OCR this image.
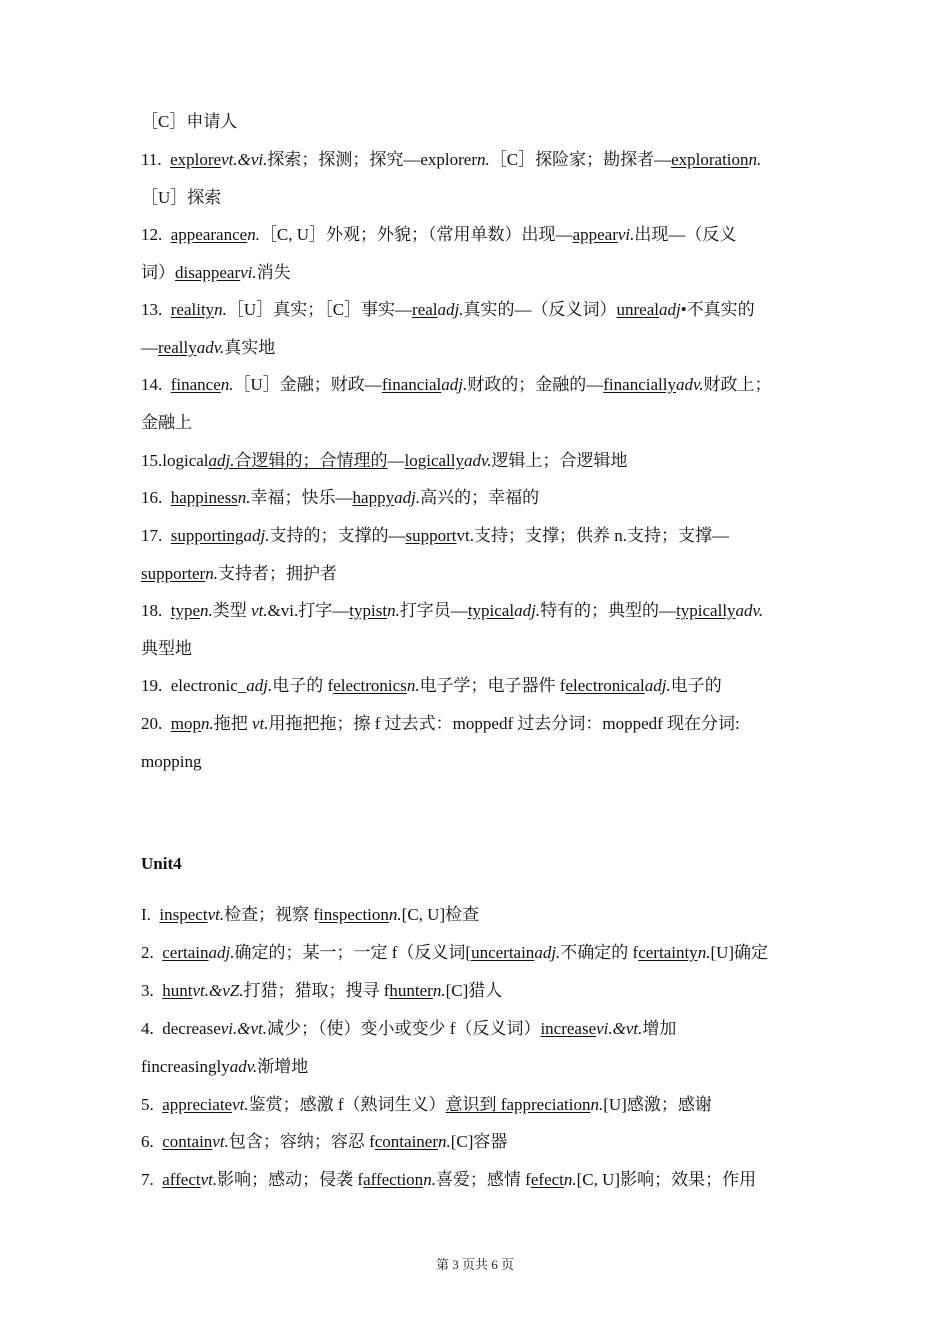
［C］申请人
11.  explorevt.&vi.探索；探测；探究—explorern.［C］探险家；勘探者—explorationn.
［U］探索
12.  appearancen.［C, U］外观；外貌；（常用单数）出现—appearvi.出现—（反义
词）disappearvi.消失
13.  realityn.［U］真实；［C］事实—realadj.真实的—（反义词）unrealadj•不真实的
—reallyadv.真实地
14.  financen.［U］金融；财政—financialadj.财政的；金融的—financiallyadv.财政上；
金融上
15.logicaladj.合逻辑的；合情理的—logicallyadv.逻辑上；合逻辑地
16.  happinessn.幸福；快乐—happyadj.高兴的；幸福的
17.  supportingadj.支持的；支撑的—supportvt.支持；支撑；供养 n.支持；支撑—
supportern.支持者；拥护者
18.  typen.类型 vt.&vi.打字—typistn.打字员—typicaladj.特有的；典型的—typicallyadv.
典型地
19.  electronic_adj.电子的 felectronicsn.电子学；电子器件 felectronicaladj.电子的
20.  mopn.拖把 vt.用拖把拖；擦 f 过去式：moppedf 过去分词：moppedf 现在分词:
mopping
Unit4
I.  inspectvt.检查；视察 finspectionn.[C, U]检查
2.  certainadj.确定的；某一；一定 f（反义词[uncertainadj.不确定的 fcertaintyn.[U]确定
3.  huntvt.&vZ.打猎；猎取；搜寻 fhuntern.[C]猎人
4.  decreasevi.&vt.减少；（使）变小或变少 f（反义词）increasevi.&vt.增加
fincreasinglyadv.渐增地
5.  appreciatevt.鉴赏；感激 f（熟词生义）意识到 fappreciationn.[U]感激；感谢
6.  containvt.包含；容纳；容忍 fcontainern.[C]容器
7.  affectvt.影响；感动；侵袭 faffectionn.喜爱；感情 fefectn.[C, U]影响；效果；作用
第 3 页共 6 页
